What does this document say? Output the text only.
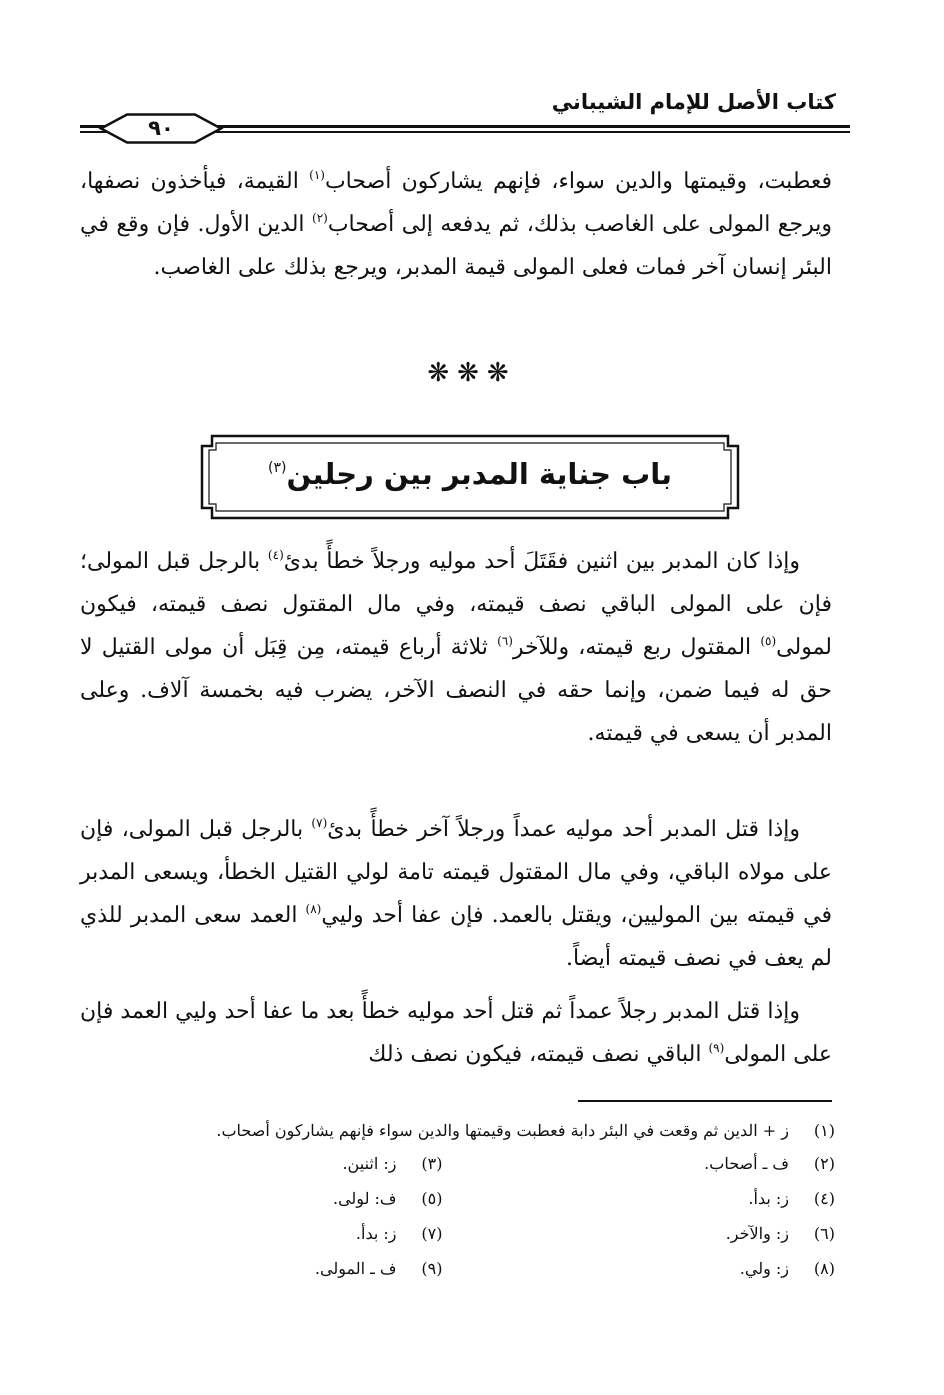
كتاب الأصل للإمام الشيباني
٩٠
فعطبت، وقيمتها والدين سواء، فإنهم يشاركون أصحاب$^{(١)}$ القيمة، فيأخذون نصفها، ويرجع المولى على الغاصب بذلك، ثم يدفعه إلى أصحاب$^{(٢)}$ الدين الأول. فإن وقع في البئر إنسان آخر فمات فعلى المولى قيمة المدبر، ويرجع بذلك على الغاصب.
❋❋❋
باب جناية المدبر بين رجلين$^{(٣)}$
وإذا كان المدبر بين اثنين فقَتَلَ أحد موليه ورجلاً خطأً بدئ$^{(٤)}$ بالرجل قبل المولى؛ فإن على المولى الباقي نصف قيمته، وفي مال المقتول نصف قيمته، فيكون لمولى$^{(٥)}$ المقتول ربع قيمته، وللآخر$^{(٦)}$ ثلاثة أرباع قيمته، مِن قِبَل أن مولى القتيل لا حق له فيما ضمن، وإنما حقه في النصف الآخر، يضرب فيه بخمسة آلاف. وعلى المدبر أن يسعى في قيمته.
وإذا قتل المدبر أحد موليه عمداً ورجلاً آخر خطأً بدئ$^{(٧)}$ بالرجل قبل المولى، فإن على مولاه الباقي، وفي مال المقتول قيمته تامة لولي القتيل الخطأ، ويسعى المدبر في قيمته بين الموليين، ويقتل بالعمد. فإن عفا أحد وليي$^{(٨)}$ العمد سعى المدبر للذي لم يعف في نصف قيمته أيضاً.
وإذا قتل المدبر رجلاً عمداً ثم قتل أحد موليه خطأً بعد ما عفا أحد وليي العمد فإن على المولى$^{(٩)}$ الباقي نصف قيمته، فيكون نصف ذلك
(١)
ز + الدين ثم وقعت في البئر دابة فعطبت وقيمتها والدين سواء فإنهم يشاركون أصحاب.
(٢)
ف ـ أصحاب.
(٣)
ز: اثنين.
(٤)
ز: بدأ.
(٥)
ف: لولى.
(٦)
ز: والآخر.
(٧)
ز: بدأ.
(٨)
ز: ولي.
(٩)
ف ـ المولى.
